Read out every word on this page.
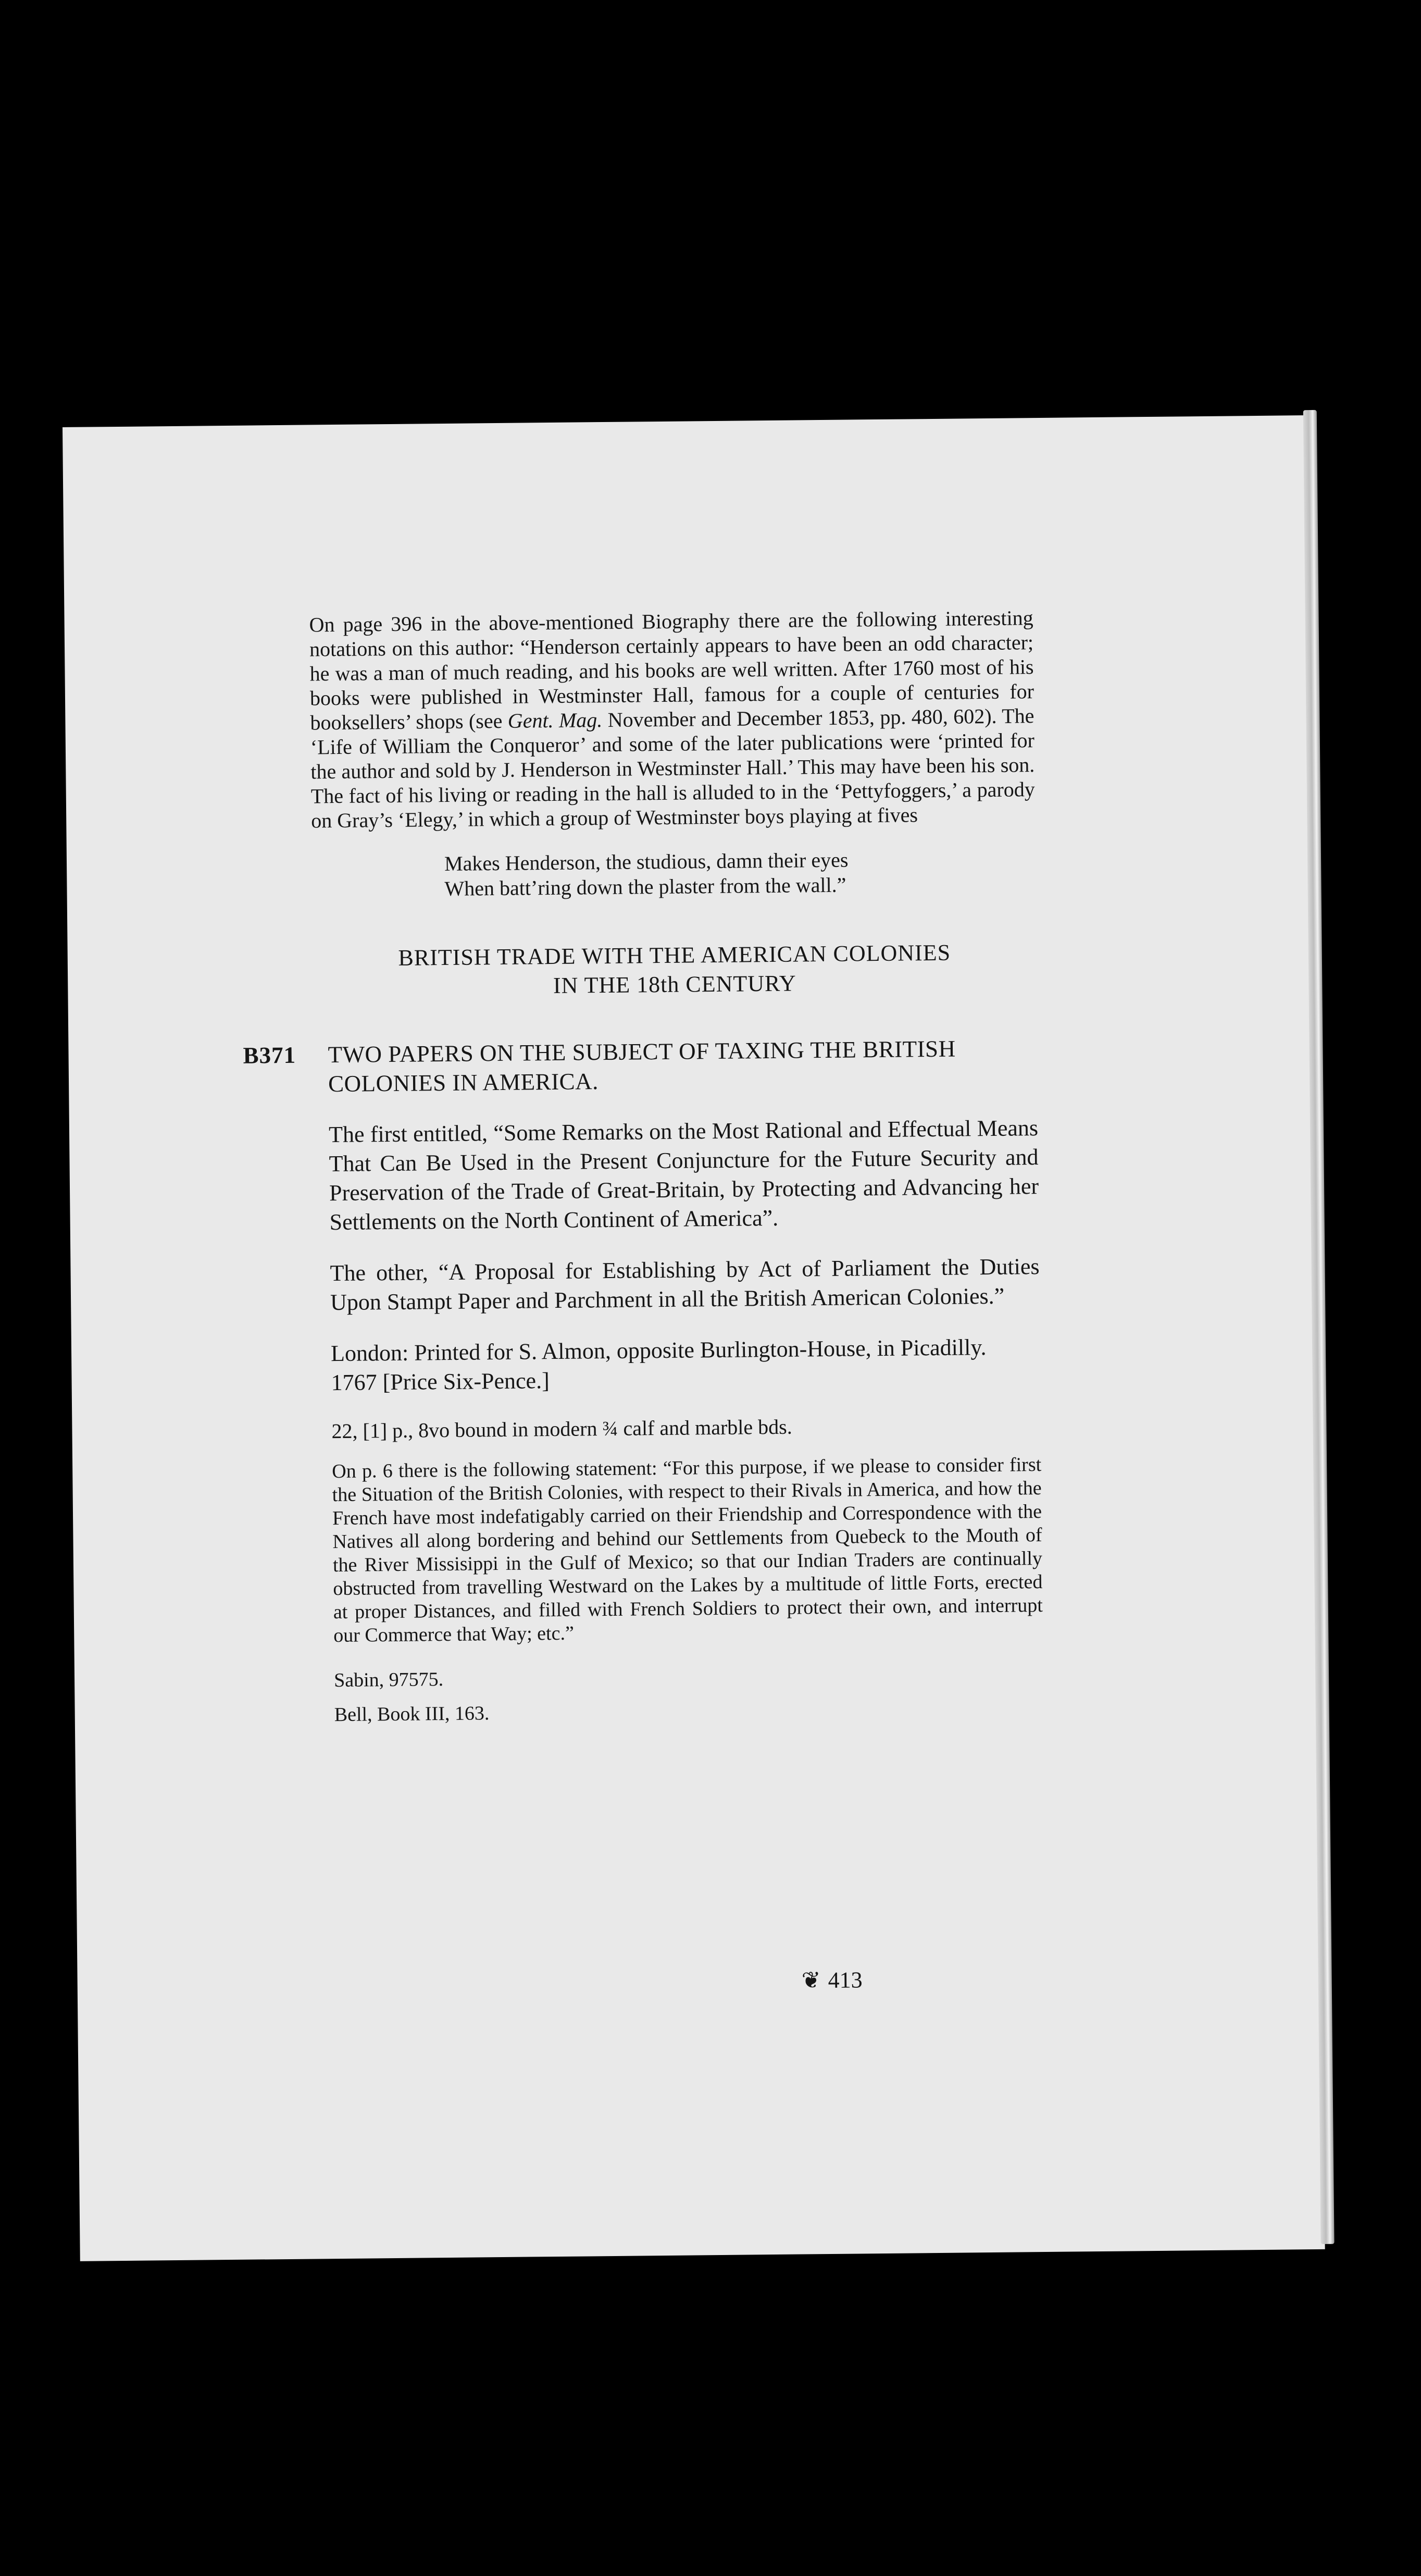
On page 396 in the above-mentioned Biography there are the following interesting notations on this author: “Henderson certainly appears to have been an odd character; he was a man of much reading, and his books are well written. After 1760 most of his books were published in Westminster Hall, famous for a couple of centuries for booksellers’ shops (see Gent. Mag. November and December 1853, pp. 480, 602). The ‘Life of William the Conqueror’ and some of the later publications were ‘printed for the author and sold by J. Henderson in Westminster Hall.’ This may have been his son. The fact of his living or reading in the hall is alluded to in the ‘Pettyfoggers,’ a parody on Gray’s ‘Elegy,’ in which a group of Westminster boys playing at fives

Makes Henderson, the studious, damn their eyes
When batt’ring down the plaster from the wall.”
BRITISH TRADE WITH THE AMERICAN COLONIES
IN THE 18th CENTURY
B371 TWO PAPERS ON THE SUBJECT OF TAXING THE BRITISH
COLONIES IN AMERICA.

The first entitled, “Some Remarks on the Most Rational and Effectual Means That Can Be Used in the Present Conjuncture for the Future Security and Preservation of the Trade of Great-Britain, by Protecting and Advancing her Settlements on the North Continent of America”.

The other, “A Proposal for Establishing by Act of Parliament the Duties Upon Stampt Paper and Parchment in all the British American Colonies.”

London: Printed for S. Almon, opposite Burlington-House, in Picadilly.
1767 [Price Six-Pence.]

22, [1] p., 8vo bound in modern ¾ calf and marble bds.

On p. 6 there is the following statement: “For this purpose, if we please to consider first the Situation of the British Colonies, with respect to their Rivals in America, and how the French have most indefatigably carried on their Friendship and Correspondence with the Natives all along bordering and behind our Settlements from Quebeck to the Mouth of the River Missisippi in the Gulf of Mexico; so that our Indian Traders are continually obstructed from travelling Westward on the Lakes by a multitude of little Forts, erected at proper Distances, and filled with French Soldiers to protect their own, and interrupt our Commerce that Way; etc.”

Sabin, 97575.

Bell, Book III, 163.

❦ 413
